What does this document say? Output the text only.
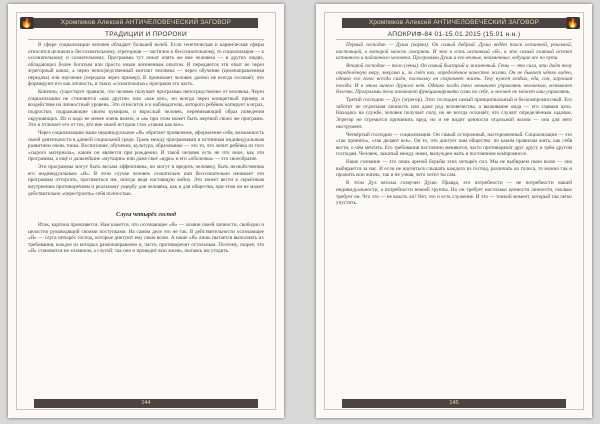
🔥	Хромпиков Алексей АНТИЧЕЛОВЕЧЕСКИЙ ЗАГОВОР
ТРАДИЦИИ И ПРОРОКИ

В сфере социализации человек обладает большей волей. Если генетическая и кармическая сферы относятся целиком к бессознательному, эгрегорная — частично к бессознательному, то социализация — к осознательному и сознательному. Программы тут лежат опять же вне человека — в других людях, обладающих более богатым или просто иным жизненным опытом. И передаются эти опыт не через эгрегорный канал, а через непосредственный контакт человека — через обучение (целенаправленная передача) или научение (передача через пример). В принимает человек далеко не всегда осознаёт, что формируют его как личность, и таких «сознательных» программ это часть.

Конечно, существует правило, что человек получает программы непосредственно от человека. Через социализацию не становится «как другие» или «как все», но всегда через конкретный пример и воздействие на личностный уровень. Это относится и к наблюдателю, которого ребёнок копирует в играх, подростки, подражающие своим кумирам, и взрослый человек, перенимающий образ поведения окружающих. Их и надо не менее очень важно, и «я» при этом может быть жертвой своих же программ. Это и отличает его от тех, кто вне своей истории стал «таким как все».

Через социализацию наше индивидуальное «Я» обретает проявление, оформление себя, возможность своей деятельности в данной социальной среде. Грань между программами и истинным индивидуальным развитием очень тонка. Воспитание, обучение, культура, образование — это то, что лепит ребёнка из того «сырого материала», каким он является при рождении. И такой человек есть не что иное, как эти программы, а ещё и дальнейшие «мутации» или даже своё «ядро» и его «оболочка» — это своеобразие.

Эти программы могут быть весьма эффективны, но могут и вредить человеку, быть несвойственны его индивидуальным «Я». В этом случае человек сознательно или бессознательно начинает эти программы отторгать, противиться им, иногда ведя настоящую войну. Это может вести к серьёзным внутренним противоречиям и реальному ущербу для человека, как и для общества, при этом он не может действительно «перестроить» себя полностью.

Слуга четырёх господ

Итак, картина проясняется. Нам кажется, что осознающее «Я» — хозяин своей личности, свободно и целостно руководящий своими поступками. На самом деле это не так. В действительности осознающее «Я» — слуга четырёх господ, которые диктуют ему свою волю. А наше «Я» лишь пытается выполнять их требования, каждое из которых разнонаправлено и, часто, противоречит остальным. Поэтому, скорее, это «Я» становится не хозяином, а слугой: так оно и проводит всю жизнь, пытаясь им угодить.

144
🔥
Хромпиков Алексей АНТИЧЕЛОВЕЧЕСКИЙ ЗАГОВОР
АПОКРИФ-84 01-15.01.2015 (15.01 н.н.)

Первый господин — Душа (карма). Он самый добрый. Душа ведёт поиск истинной, реальной, настоящей, о которой можно говорить. И это и есть истинный «Я», и это самый главный аспект истинного и подлинного человека. Программы Души и его вечные, неизменные, ведущие все по пути.

Второй господин — тело (гены). Он самый быстрый и жизненный. Гены — это сила, что даёт телу определённую меру, энергию и, за счёт них, определённое качество жизни. Он не бывает чётко виден, однако его голос всегда силён, поскольку он сохраняет жизнь. Телу нужен отдых, еда, сон, хорошая погода. И в этом ничего дурного нет. Однако когда тело начинает управлять человеком, возникает болезнь. Программы тела начинают функционировать сами по себе, и человек не может ими управлять.

Третий господин — Дух (эгрегор). Этот господин самый принципиальный и бескомпромиссный. Его заботит не отдельная личность или даже род человечества, а выживание вида — его главная цель. Находясь на службе, человек получает силу, но не всегда осознаёт, что служит определённым задачам. Эгрегор не стремится причинить вред, но и не видит ценности отдельной жизни — она для него инструмент.

Четвёртый господин — социализация. Он самый осторожный, настороженный. Социализация — это «так принято», «так делают все». Он то, что диктует нам общество: по каким правилам жить, как себя вести, о чём мечтать. Его требования постоянно меняются, часто противоречат друг другу и трём другим господам. Человек, зажатый между ними, вынужден жить в постоянном компромиссе.

Наше сознание — это лишь ареной борьбы этих четырёх сил. Мы не выбираем свою волю — она выбирается за нас. И если не научиться слышать каждого из господ, различать их голоса, то можно так и прожить всю жизнь, так и не узнав, чего хотел ты сам.

В этом Дух весьма созвучен Душе. Правда, его потребности — не потребности нашей индивидуальности, а потребности некоей группы. Но он требует настолько ценности личности, сколько требует он. Что это — не власть ли? Нет, это и есть служение. И это — тонкий момент, который так легко упустить.

145
